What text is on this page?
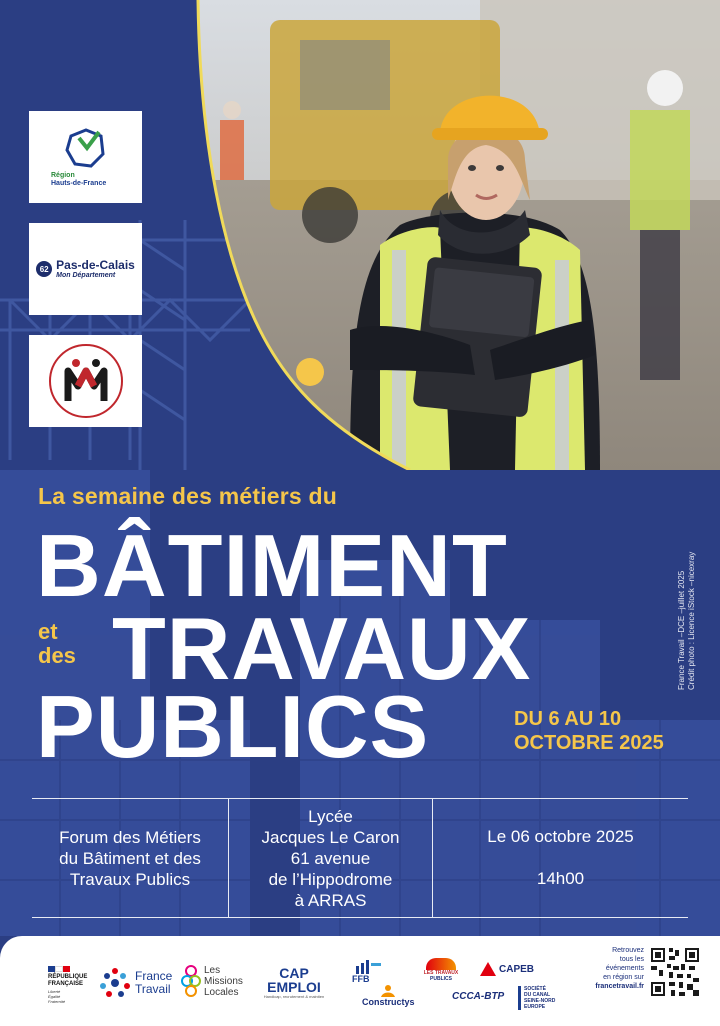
Région
Hauts-de-France
62 Pas-de-Calais
Mon Département
La semaine des métiers du
BÂTIMENT
et
des TRAVAUX
PUBLICS	DU 6 AU 10
OCTOBRE 2025
France Travail –DCE –juillet 2025 Crédit photo : Licence iStock –nicexray
Forum des Métiers
du Bâtiment et des
Travaux Publics
Lycée
Jacques Le Caron
61 avenue
de l’Hippodrome
à ARRAS
Le 06 octobre 2025
14h00
RÉPUBLIQUE
FRANÇAISE
Liberté
Égalité
Fraternité
France
Travail
Les
Missions
Locales
CAP
EMPLOI
Handicap, recrutement & maintien
FFB
Constructys
LES TRAVAUX
PUBLICS
CCCA-BTP
CAPEB
SOCIÉTÉ
DU CANAL
SEINE-NORD
EUROPE
Retrouvez
tous les
événements
en région sur
francetravail.fr
